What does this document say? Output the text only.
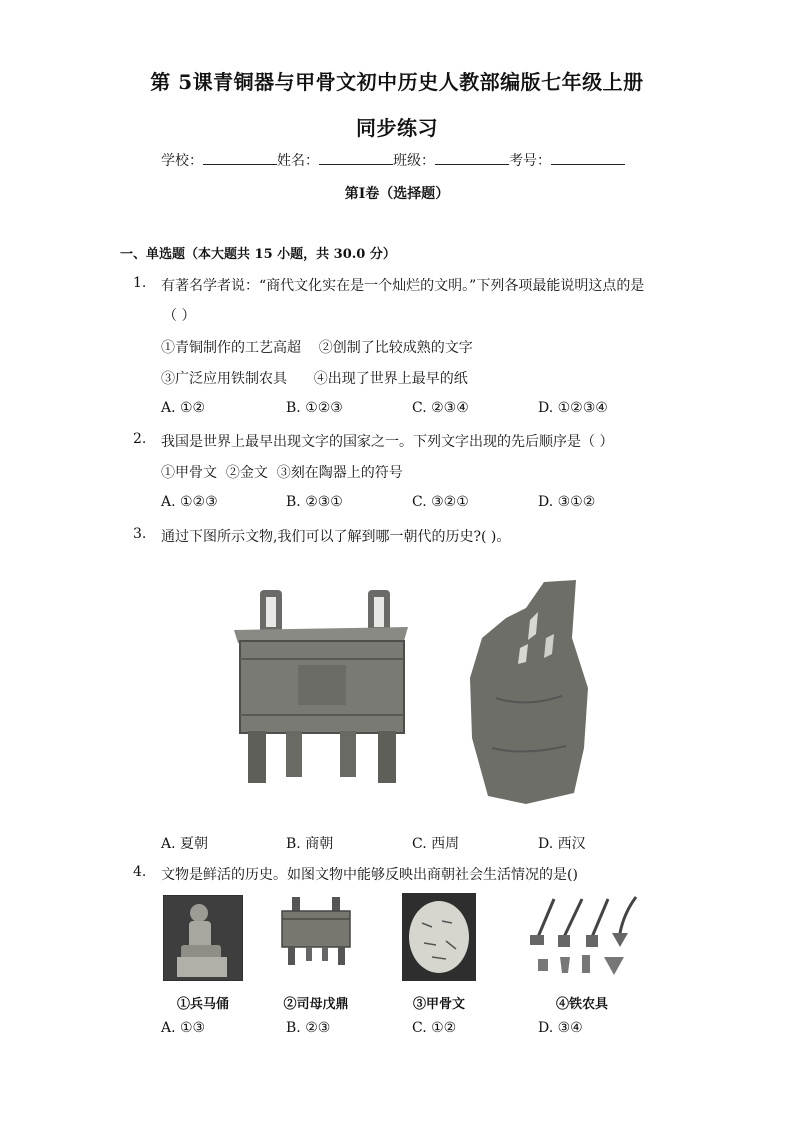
第 5课青铜器与甲骨文初中历史人教部编版七年级上册
同步练习
学校：	姓名：	班级：	考号：
第I卷（选择题）
一、单选题（本大题共 15 小题，共 30.0 分）
1. 有著名学者说：“商代文化实在是一个灿烂的文明。”下列各项最能说明这点的是
（ ）
①青铜制作的工艺高超    ②创制了比较成熟的文字
③广泛应用铁制农具      ④出现了世界上最早的纸
A. ①②	B. ①②③	C. ②③④	D. ①②③④
2. 我国是世界上最早出现文字的国家之一。下列文字出现的先后顺序是（ ）
①甲骨文  ②金文  ③刻在陶器上的符号
A. ①②③	B. ②③①	C. ③②①	D. ③①②
3. 通过下图所示文物,我们可以了解到哪一朝代的历史?( )。
A. 夏朝	B. 商朝	C. 西周	D. 西汉
4. 文物是鲜活的历史。如图文物中能够反映出商朝社会生活情况的是()
①兵马俑	②司母戊鼎	③甲骨文	④铁农具
A. ①③	B. ②③	C. ①②	D. ③④
